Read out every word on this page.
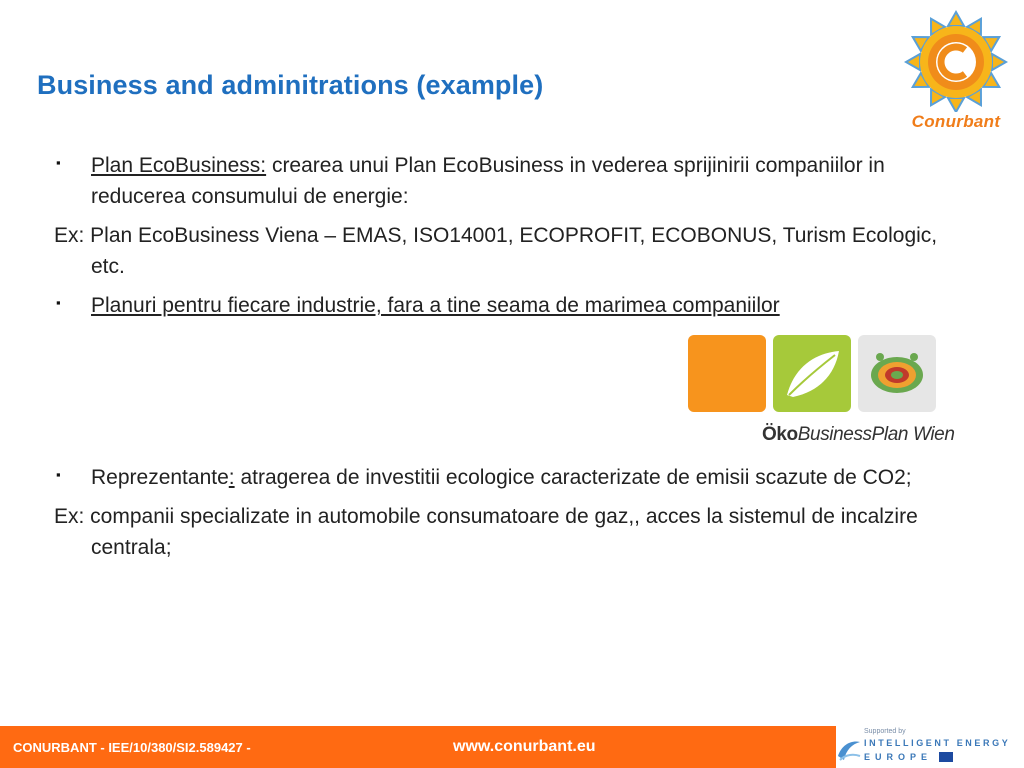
Business and adminitrations (example)
Conurbant
▪ Plan EcoBusiness: crearea unui Plan EcoBusiness in vederea sprijinirii companiilor in reducerea consumului de energie:
Ex: Plan EcoBusiness Viena – EMAS, ISO14001, ECOPROFIT, ECOBONUS, Turism Ecologic, etc.
▪ Planuri pentru fiecare industrie, fara a tine seama de marimea companiilor
ÖkoBusinessPlan Wien
▪ Reprezentante: atragerea de investitii ecologice caracterizate de emisii scazute de CO2;
Ex: companii specializate in automobile consumatoare de gaz,, acces la sistemul de incalzire centrala;
CONURBANT - IEE/10/380/SI2.589427 -	www.conurbant.eu
Supported by
INTELLIGENT ENERGY
EUROPE
